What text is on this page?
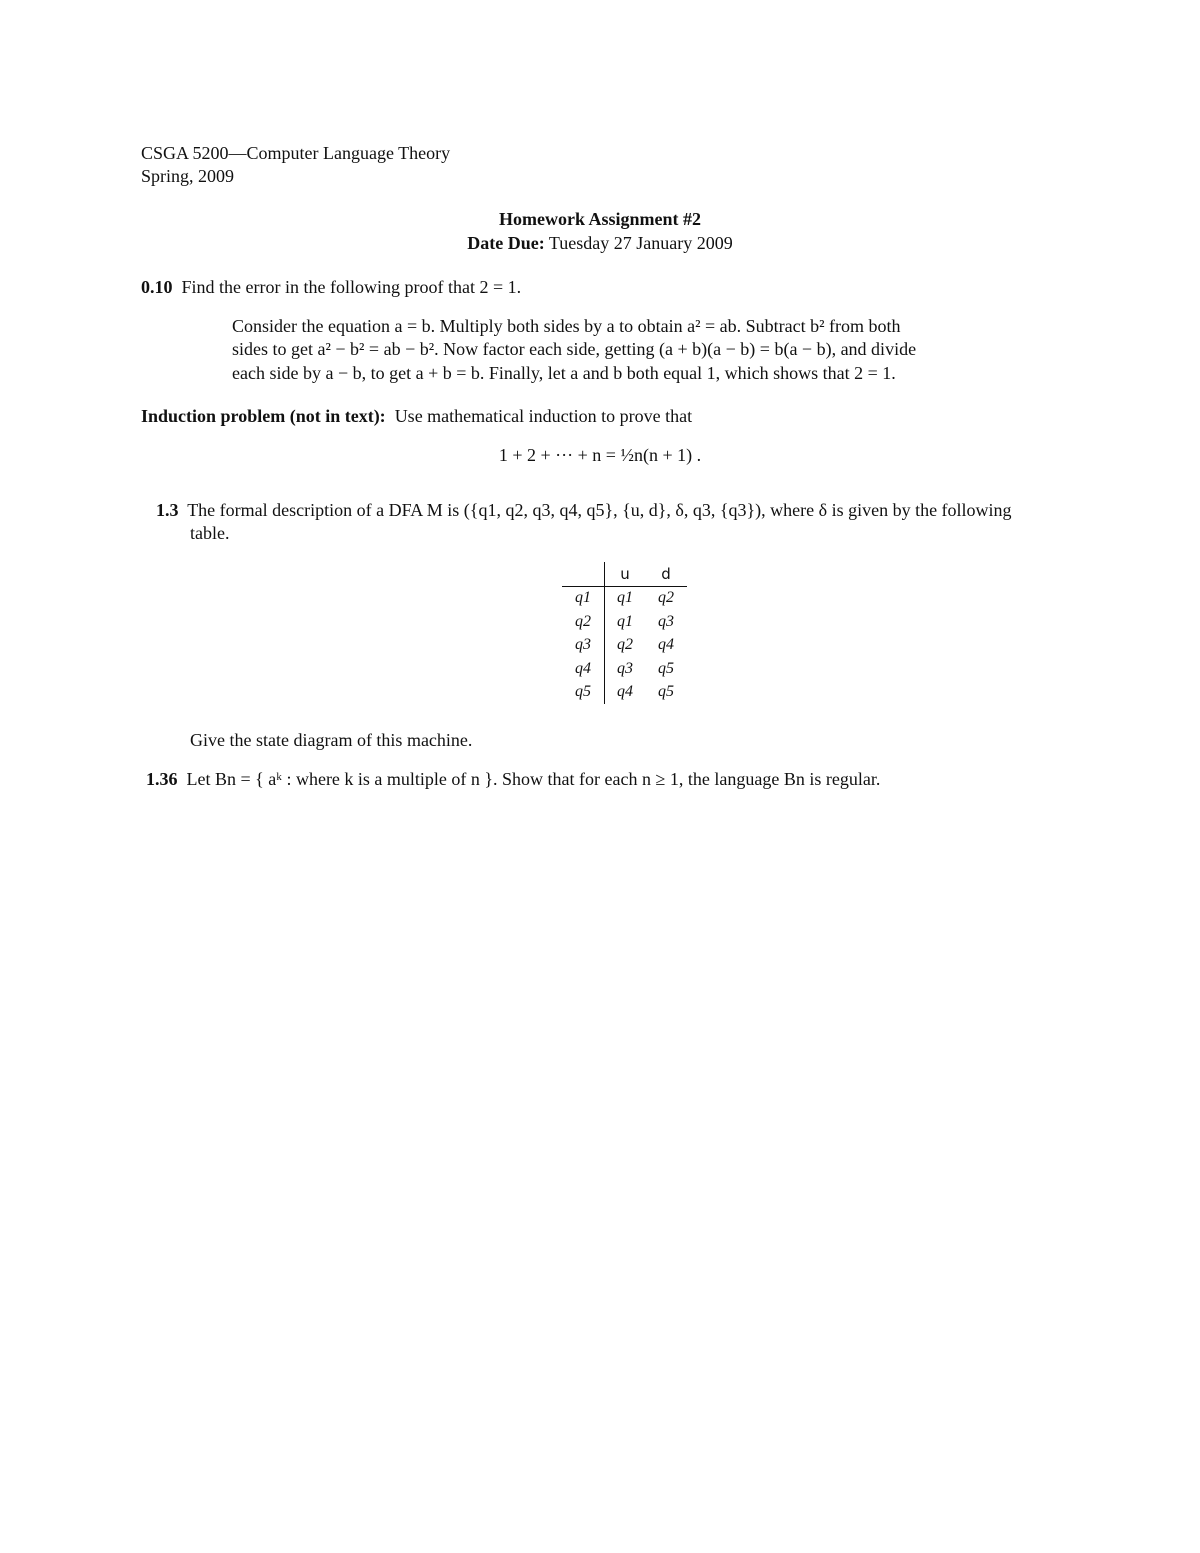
CSGA 5200—Computer Language Theory
Spring, 2009
Homework Assignment #2
Date Due: Tuesday 27 January 2009
0.10 Find the error in the following proof that 2 = 1.
Consider the equation a = b. Multiply both sides by a to obtain a² = ab. Subtract b² from both
sides to get a² − b² = ab − b². Now factor each side, getting (a + b)(a − b) = b(a − b), and divide
each side by a − b, to get a + b = b. Finally, let a and b both equal 1, which shows that 2 = 1.
Induction problem (not in text): Use mathematical induction to prove that
1 + 2 + ··· + n = ½n(n + 1) .
1.3 The formal description of a DFA M is ({q1, q2, q3, q4, q5}, {u, d}, δ, q3, {q3}), where δ is given by the following
table.
	u	d
q1	q1	q2
q2	q1	q3
q3	q2	q4
q4	q3	q5
q5	q4	q5
Give the state diagram of this machine.
1.36 Let Bn = { aᵏ : where k is a multiple of n }. Show that for each n ≥ 1, the language Bn is regular.
